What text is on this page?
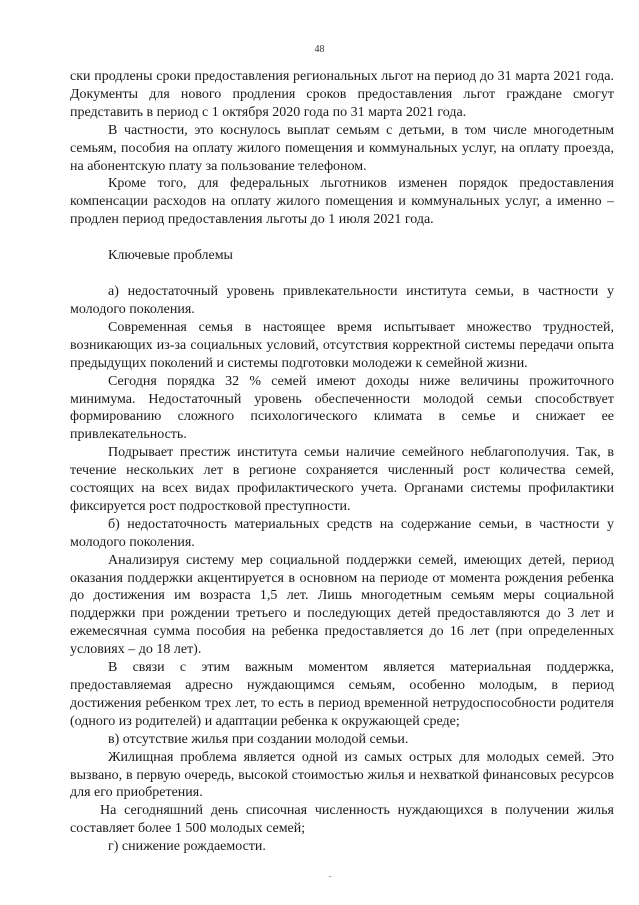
48

ски продлены сроки предоставления региональных льгот на период до 31 марта 2021 года. Документы для нового продления сроков предоставления льгот граждане смогут представить в период с 1 октября 2020 года по 31 марта 2021 года.

В частности, это коснулось выплат семьям с детьми, в том числе многодетным семьям, пособия на оплату жилого помещения и коммунальных услуг, на оплату проезда, на абонентскую плату за пользование телефоном.

Кроме того, для федеральных льготников изменен порядок предоставления компенсации расходов на оплату жилого помещения и коммунальных услуг, а именно – продлен период предоставления льготы до 1 июля 2021 года.

Ключевые проблемы

а) недостаточный уровень привлекательности института семьи, в частности у молодого поколения.

Современная семья в настоящее время испытывает множество трудностей, возникающих из-за социальных условий, отсутствия корректной системы передачи опыта предыдущих поколений и системы подготовки молодежи к семейной жизни.

Сегодня порядка 32 % семей имеют доходы ниже величины прожиточного минимума. Недостаточный уровень обеспеченности молодой семьи способствует формированию сложного психологического климата в семье и снижает ее привлекательность.

Подрывает престиж института семьи наличие семейного неблагополучия. Так, в течение нескольких лет в регионе сохраняется численный рост количества семей, состоящих на всех видах профилактического учета. Органами системы профилактики фиксируется рост подростковой преступности.

б) недостаточность материальных средств на содержание семьи, в частности у молодого поколения.

Анализируя систему мер социальной поддержки семей, имеющих детей, период оказания поддержки акцентируется в основном на периоде от момента рождения ребенка до достижения им возраста 1,5 лет. Лишь многодетным семьям меры социальной поддержки при рождении третьего и последующих детей предоставляются до 3 лет и ежемесячная сумма пособия на ребенка предоставляется до 16 лет (при определенных условиях – до 18 лет).

В связи с этим важным моментом является материальная поддержка, предоставляемая адресно нуждающимся семьям, особенно молодым, в период достижения ребенком трех лет, то есть в период временной нетрудоспособности родителя (одного из родителей) и адаптации ребенка к окружающей среде;

в) отсутствие жилья при создании молодой семьи.

Жилищная проблема является одной из самых острых для молодых семей. Это вызвано, в первую очередь, высокой стоимостью жилья и нехваткой финансовых ресурсов для его приобретения.

На сегодняшний день списочная численность нуждающихся в получении жилья составляет более 1 500 молодых семей;

г) снижение рождаемости.
